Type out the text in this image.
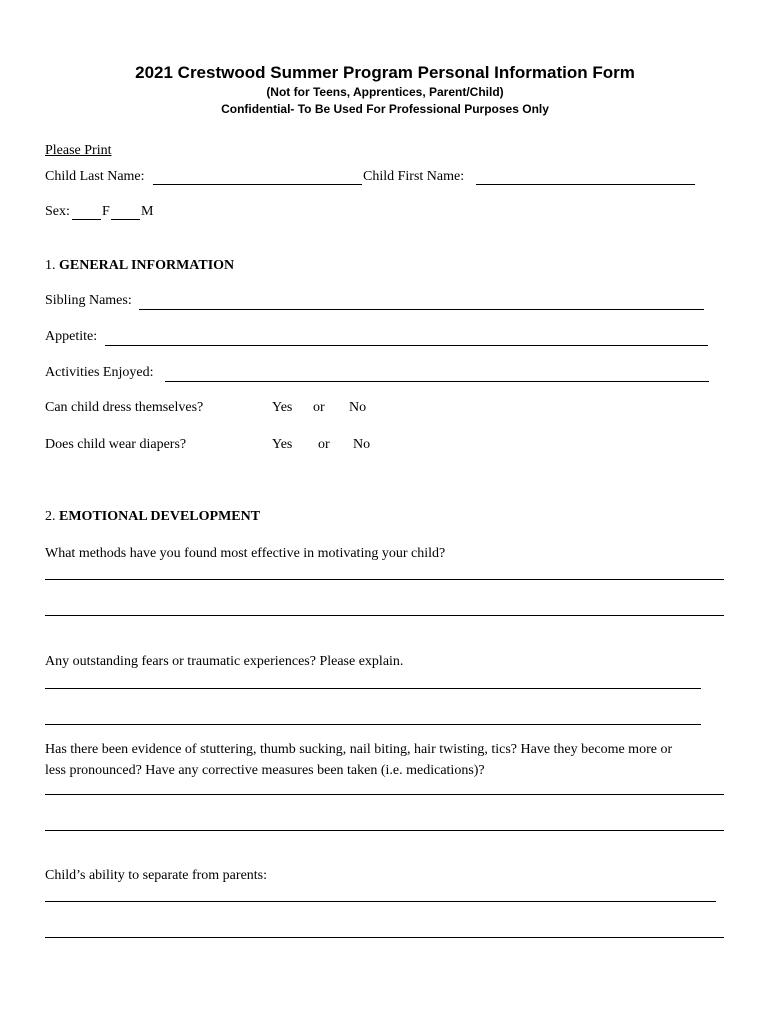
2021 Crestwood Summer Program Personal Information Form
(Not for Teens, Apprentices, Parent/Child)
Confidential- To Be Used For Professional Purposes Only
Please Print
Child Last Name:	Child First Name:
Sex: F M
1. GENERAL INFORMATION
Sibling Names:
Appetite:
Activities Enjoyed:
Can child dress themselves?	Yes or No
Does child wear diapers?	Yes or No
2. EMOTIONAL DEVELOPMENT
What methods have you found most effective in motivating your child?
Any outstanding fears or traumatic experiences? Please explain.
Has there been evidence of stuttering, thumb sucking, nail biting, hair twisting, tics? Have they become more or
less pronounced? Have any corrective measures been taken (i.e. medications)?
Child’s ability to separate from parents:
